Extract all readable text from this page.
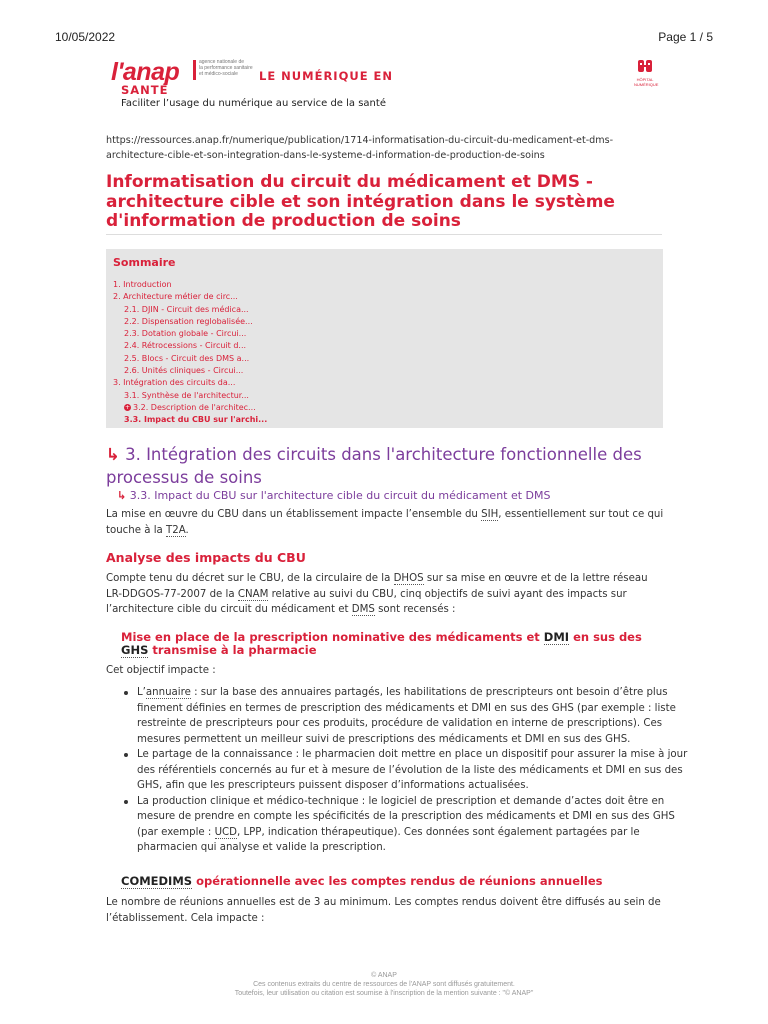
10/05/2022	Page 1 / 5
l'anap	agence nationale de
la performance sanitaire
et médico-sociale	LE NUMÉRIQUE EN
SANTÉ
Faciliter l’usage du numérique au service de la santé
HÔPITAL
NUMÉRIQUE
https://ressources.anap.fr/numerique/publication/1714-informatisation-du-circuit-du-medicament-et-dms-architecture-cible-et-son-integration-dans-le-systeme-d-information-de-production-de-soins
Informatisation du circuit du médicament et DMS - architecture cible et son intégration dans le système d'information de production de soins
Sommaire
1. Introduction
2. Architecture métier de circ...
2.1. DJIN - Circuit des médica...
2.2. Dispensation reglobalisée...
2.3. Dotation globale - Circui...
2.4. Rétrocessions - Circuit d...
2.5. Blocs - Circuit des DMS a...
2.6. Unités cliniques - Circui...
3. Intégration des circuits da...
3.1. Synthèse de l'architectur...
+ 3.2. Description de l'architec...
3.3. Impact du CBU sur l'archi...
↳ 3. Intégration des circuits dans l'architecture fonctionnelle des processus de soins
↳ 3.3. Impact du CBU sur l'architecture cible du circuit du médicament et DMS

La mise en œuvre du CBU dans un établissement impacte l’ensemble du SIH, essentiellement sur tout ce qui touche à la T2A.

Analyse des impacts du CBU

Compte tenu du décret sur le CBU, de la circulaire de la DHOS sur sa mise en œuvre et de la lettre réseau LR-DDGOS-77-2007 de la CNAM relative au suivi du CBU, cinq objectifs de suivi ayant des impacts sur l’architecture cible du circuit du médicament et DMS sont recensés :

Mise en place de la prescription nominative des médicaments et DMI en sus des GHS transmise à la pharmacie

Cet objectif impacte :

L’annuaire : sur la base des annuaires partagés, les habilitations de prescripteurs ont besoin d’être plus finement définies en termes de prescription des médicaments et DMI en sus des GHS (par exemple : liste restreinte de prescripteurs pour ces produits, procédure de validation en interne de prescriptions). Ces mesures permettent un meilleur suivi de prescriptions des médicaments et DMI en sus des GHS.
Le partage de la connaissance : le pharmacien doit mettre en place un dispositif pour assurer la mise à jour des référentiels concernés au fur et à mesure de l’évolution de la liste des médicaments et DMI en sus des GHS, afin que les prescripteurs puissent disposer d’informations actualisées.
La production clinique et médico-technique : le logiciel de prescription et demande d’actes doit être en mesure de prendre en compte les spécificités de la prescription des médicaments et DMI en sus des GHS (par exemple : UCD, LPP, indication thérapeutique). Ces données sont également partagées par le pharmacien qui analyse et valide la prescription.
COMEDIMS opérationnelle avec les comptes rendus de réunions annuelles

Le nombre de réunions annuelles est de 3 au minimum. Les comptes rendus doivent être diffusés au sein de l’établissement. Cela impacte :

© ANAP
Ces contenus extraits du centre de ressources de l'ANAP sont diffusés gratuitement.
Toutefois, leur utilisation ou citation est soumise à l'inscription de la mention suivante : "© ANAP"
